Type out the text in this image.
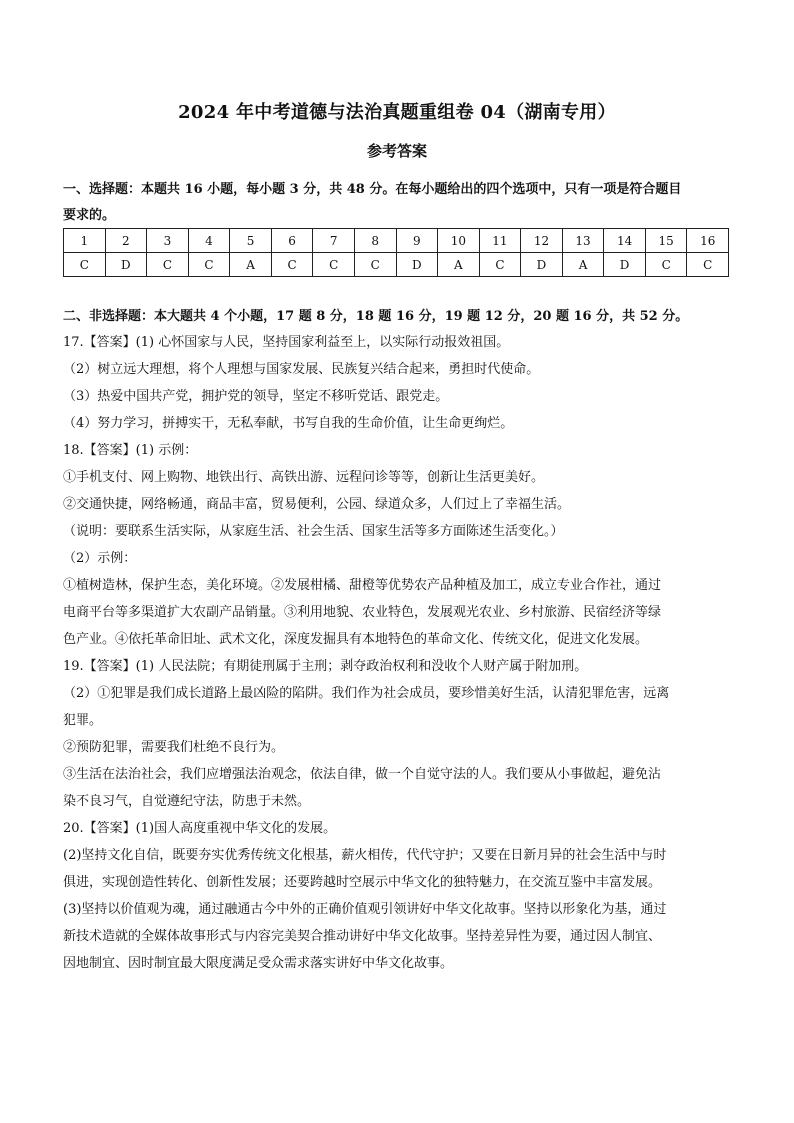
2024 年中考道德与法治真题重组卷 04（湖南专用）
参考答案
一、选择题：本题共 16 小题，每小题 3 分，共 48 分。在每小题给出的四个选项中，只有一项是符合题目
要求的。
1	2	3	4	5	6	7	8	9	10	11	12	13	14	15	16
C	D	C	C	A	C	C	C	D	A	C	D	A	D	C	C
二、非选择题：本大题共 4 个小题，17 题 8 分，18 题 16 分，19 题 12 分，20 题 16 分，共 52 分。
17.【答案】(1) 心怀国家与人民，坚持国家利益至上，以实际行动报效祖国。
（2）树立远大理想，将个人理想与国家发展、民族复兴结合起来，勇担时代使命。
（3）热爱中国共产党，拥护党的领导，坚定不移听党话、跟党走。
（4）努力学习，拼搏实干，无私奉献，书写自我的生命价值，让生命更绚烂。
18.【答案】(1) 示例：
①手机支付、网上购物、地铁出行、高铁出游、远程问诊等等，创新让生活更美好。
②交通快捷，网络畅通，商品丰富，贸易便利，公园、绿道众多，人们过上了幸福生活。
（说明：要联系生活实际，从家庭生活、社会生活、国家生活等多方面陈述生活变化。）
（2）示例：
①植树造林，保护生态，美化环境。②发展柑橘、甜橙等优势农产品种植及加工，成立专业合作社，通过
电商平台等多渠道扩大农副产品销量。③利用地貌、农业特色，发展观光农业、乡村旅游、民宿经济等绿
色产业。④依托革命旧址、武术文化，深度发掘具有本地特色的革命文化、传统文化，促进文化发展。
19.【答案】(1) 人民法院；有期徒刑属于主刑；剥夺政治权利和没收个人财产属于附加刑。
（2）①犯罪是我们成长道路上最凶险的陷阱。我们作为社会成员，要珍惜美好生活，认清犯罪危害，远离
犯罪。
②预防犯罪，需要我们杜绝不良行为。
③生活在法治社会，我们应增强法治观念，依法自律，做一个自觉守法的人。我们要从小事做起，避免沾
染不良习气，自觉遵纪守法，防患于未然。
20.【答案】(1)国人高度重视中华文化的发展。
(2)坚持文化自信，既要夯实优秀传统文化根基，薪火相传，代代守护；又要在日新月异的社会生活中与时
俱进，实现创造性转化、创新性发展；还要跨越时空展示中华文化的独特魅力，在交流互鉴中丰富发展。
(3)坚持以价值观为魂，通过融通古今中外的正确价值观引领讲好中华文化故事。坚持以形象化为基，通过
新技术造就的全媒体故事形式与内容完美契合推动讲好中华文化故事。坚持差异性为要，通过因人制宜、
因地制宜、因时制宜最大限度满足受众需求落实讲好中华文化故事。
